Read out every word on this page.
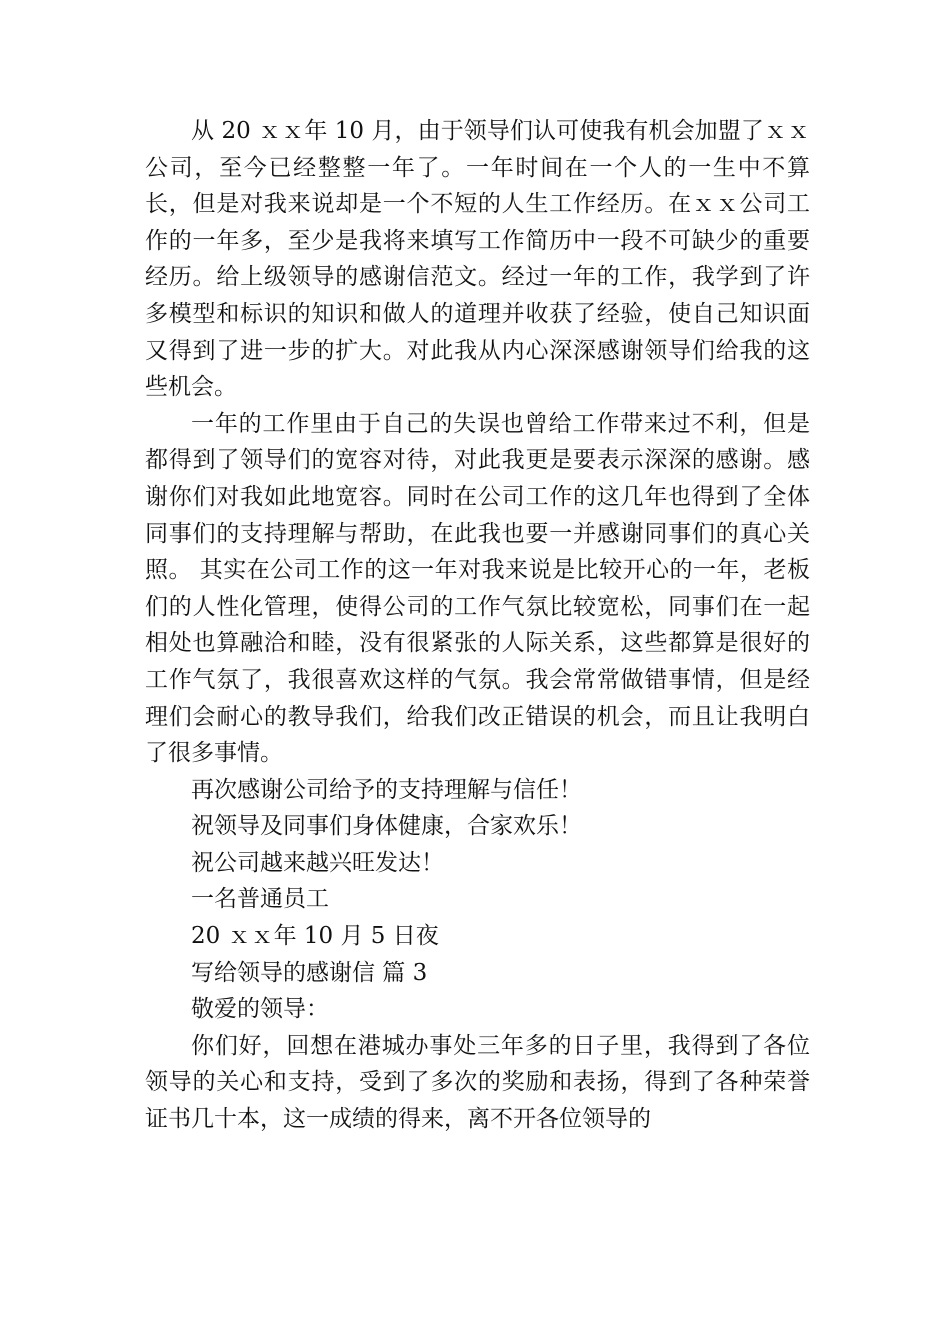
从 20 ｘｘ年 10 月，由于领导们认可使我有机会加盟了ｘｘ公司，至今已经整整一年了。一年时间在一个人的一生中不算长，但是对我来说却是一个不短的人生工作经历。在ｘｘ公司工作的一年多，至少是我将来填写工作简历中一段不可缺少的重要经历。给上级领导的感谢信范文。经过一年的工作，我学到了许多模型和标识的知识和做人的道理并收获了经验，使自己知识面又得到了进一步的扩大。对此我从内心深深感谢领导们给我的这些机会。

一年的工作里由于自己的失误也曾给工作带来过不利，但是都得到了领导们的宽容对待，对此我更是要表示深深的感谢。感谢你们对我如此地宽容。同时在公司工作的这几年也得到了全体同事们的支持理解与帮助，在此我也要一并感谢同事们的真心关照。 其实在公司工作的这一年对我来说是比较开心的一年，老板们的人性化管理，使得公司的工作气氛比较宽松，同事们在一起相处也算融洽和睦，没有很紧张的人际关系，这些都算是很好的工作气氛了，我很喜欢这样的气氛。我会常常做错事情，但是经理们会耐心的教导我们，给我们改正错误的机会，而且让我明白了很多事情。

再次感谢公司给予的支持理解与信任！

祝领导及同事们身体健康，合家欢乐！

祝公司越来越兴旺发达！

一名普通员工

20 ｘｘ年 10 月 5 日夜

写给领导的感谢信 篇 3

敬爱的领导：

你们好，回想在港城办事处三年多的日子里，我得到了各位领导的关心和支持，受到了多次的奖励和表扬，得到了各种荣誉证书几十本，这一成绩的得来，离不开各位领导的
